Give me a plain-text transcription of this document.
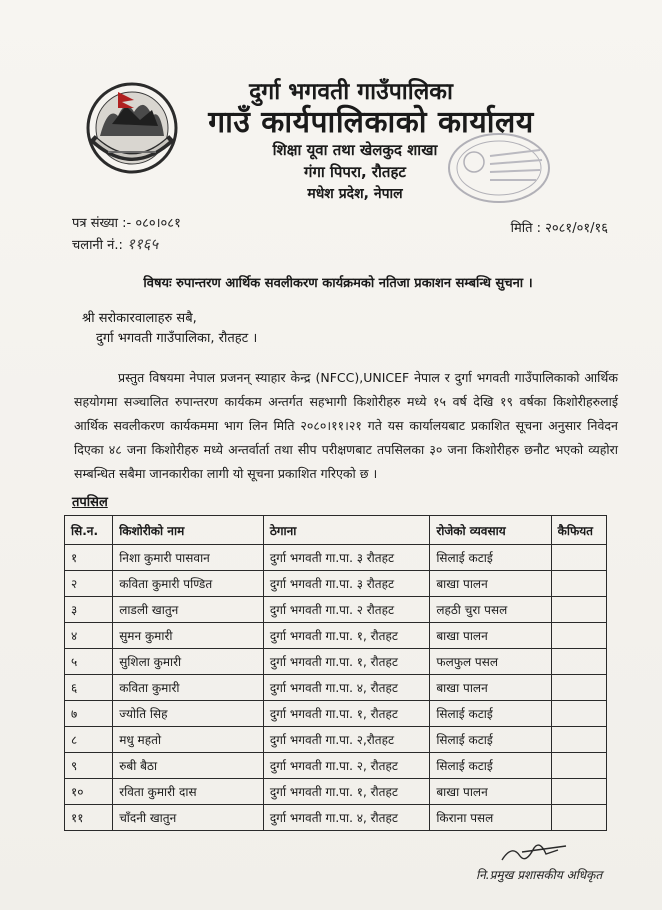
दुर्गा भगवती गाउँपालिका
गाउँ कार्यपालिकाको कार्यालय
शिक्षा यूवा तथा खेलकुद शाखा
गंगा पिपरा, रौतहट
मधेश प्रदेश, नेपाल
पत्र संख्या :- ०८०।०८१
चलानी नं.: ११६५
मिति : २०८१/०१/१६
विषयः रुपान्तरण आर्थिक सवलीकरण कार्यक्रमको नतिजा प्रकाशन सम्बन्धि सुचना ।
श्री सरोकारवालाहरु सबै,
दुर्गा भगवती गाउँपालिका, रौतहट ।
प्रस्तुत विषयमा नेपाल प्रजनन् स्याहार केन्द्र (NFCC),UNICEF नेपाल र दुर्गा भगवती गाउँपालिकाको आर्थिक सहयोगमा सञ्चालित रुपान्तरण कार्यकम अन्तर्गत सहभागी किशोरीहरु मध्ये १५ वर्ष देखि १९ वर्षका किशोरीहरुलाई आर्थिक सवलीकरण कार्यकममा भाग लिन मिति २०८०।११।२१ गते यस कार्यालयबाट प्रकाशित सूचना अनुसार निवेदन दिएका ४८ जना किशोरीहरु मध्ये अन्तर्वार्ता तथा सीप परीक्षणबाट तपसिलका ३० जना किशोरीहरु छनौट भएको व्यहोरा सम्बन्धित सबैमा जानकारीका लागी यो सूचना प्रकाशित गरिएको छ ।
तपसिल
सि.न.	किशोरीको नाम	ठेगाना	रोजेको व्यवसाय	कैफियत
१	निशा कुमारी पासवान	दुर्गा भगवती गा.पा. ३ रौतहट	सिलाई कटाई	
२	कविता कुमारी पण्डित	दुर्गा भगवती गा.पा. ३ रौतहट	बाखा पालन	
३	लाडली खातुन	दुर्गा भगवती गा.पा. २ रौतहट	लहठी चुरा पसल	
४	सुमन कुमारी	दुर्गा भगवती गा.पा. १, रौतहट	बाखा पालन	
५	सुशिला कुमारी	दुर्गा भगवती गा.पा. १, रौतहट	फलफुल पसल	
६	कविता कुमारी	दुर्गा भगवती गा.पा. ४, रौतहट	बाखा पालन	
७	ज्योति सिह	दुर्गा भगवती गा.पा. १, रौतहट	सिलाई कटाई	
८	मधु महतो	दुर्गा भगवती गा.पा. २,रौतहट	सिलाई कटाई	
९	रुबी बैठा	दुर्गा भगवती गा.पा. २, रौतहट	सिलाई कटाई	
१०	रविता कुमारी दास	दुर्गा भगवती गा.पा. १, रौतहट	बाखा पालन	
११	चाँदनी खातुन	दुर्गा भगवती गा.पा. ४, रौतहट	किराना पसल	
नि.प्रमुख प्रशासकीय अधिकृत
